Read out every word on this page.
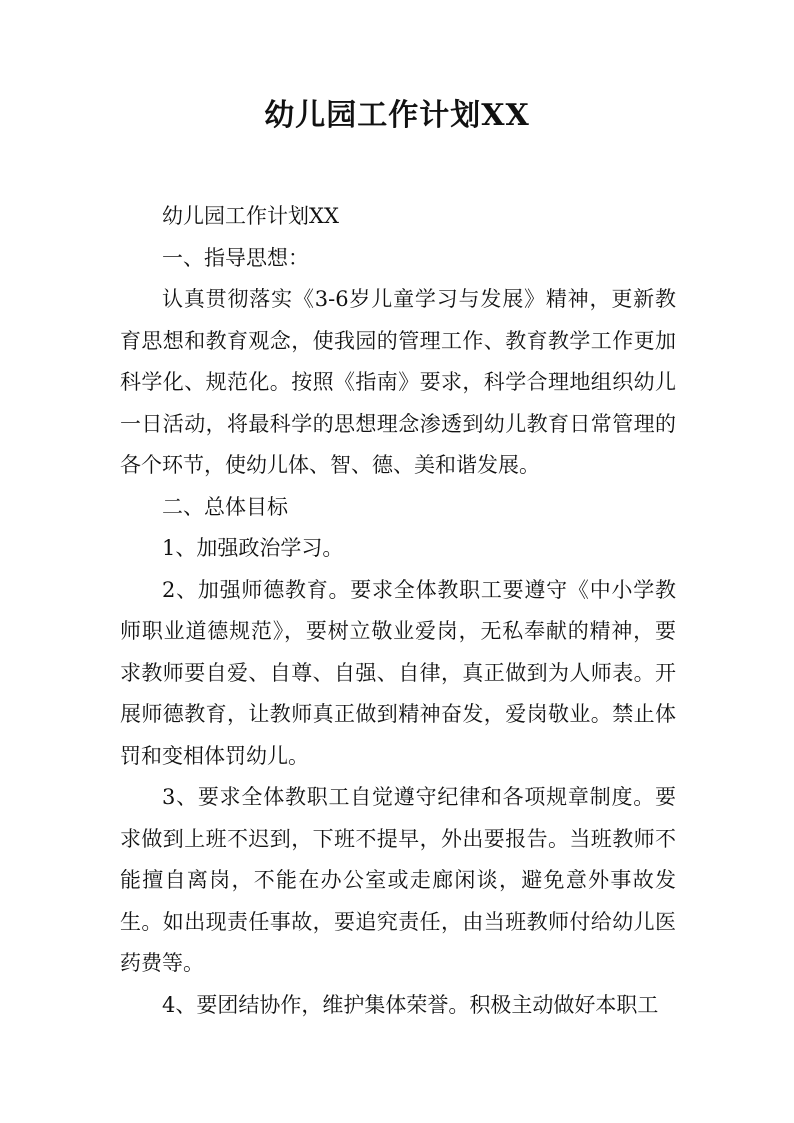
幼儿园工作计划XX

幼儿园工作计划XX

一、指导思想：

认真贯彻落实《3-6岁儿童学习与发展》精神，更新教育思想和教育观念，使我园的管理工作、教育教学工作更加科学化、规范化。按照《指南》要求，科学合理地组织幼儿一日活动，将最科学的思想理念渗透到幼儿教育日常管理的各个环节，使幼儿体、智、德、美和谐发展。

二、总体目标

1、加强政治学习。

2、加强师德教育。要求全体教职工要遵守《中小学教师职业道德规范》，要树立敬业爱岗，无私奉献的精神，要求教师要自爱、自尊、自强、自律，真正做到为人师表。开展师德教育，让教师真正做到精神奋发，爱岗敬业。禁止体罚和变相体罚幼儿。

3、要求全体教职工自觉遵守纪律和各项规章制度。要求做到上班不迟到，下班不提早，外出要报告。当班教师不能擅自离岗，不能在办公室或走廊闲谈，避免意外事故发生。如出现责任事故，要追究责任，由当班教师付给幼儿医药费等。

4、要团结协作，维护集体荣誉。积极主动做好本职工
